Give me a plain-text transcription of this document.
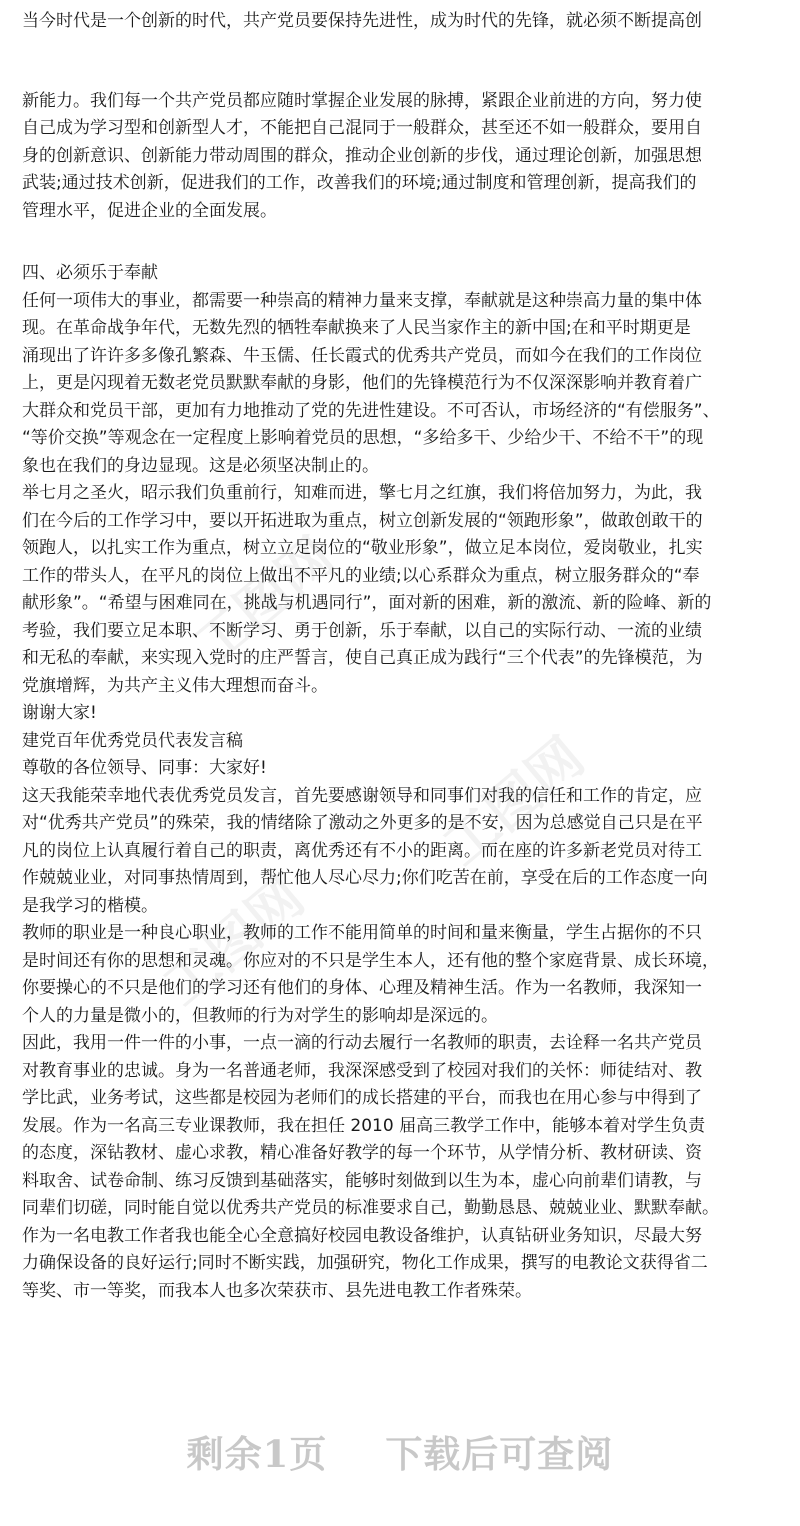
当今时代是一个创新的时代，共产党员要保持先进性，成为时代的先锋，就必须不断提高创
新能力。我们每一个共产党员都应随时掌握企业发展的脉搏，紧跟企业前进的方向，努力使
自己成为学习型和创新型人才，不能把自己混同于一般群众，甚至还不如一般群众，要用自
身的创新意识、创新能力带动周围的群众，推动企业创新的步伐，通过理论创新，加强思想
武装;通过技术创新，促进我们的工作，改善我们的环境;通过制度和管理创新，提高我们的
管理水平，促进企业的全面发展。
四、必须乐于奉献
任何一项伟大的事业，都需要一种崇高的精神力量来支撑，奉献就是这种崇高力量的集中体
现。在革命战争年代，无数先烈的牺牲奉献换来了人民当家作主的新中国;在和平时期更是
涌现出了许许多多像孔繁森、牛玉儒、任长霞式的优秀共产党员，而如今在我们的工作岗位
上，更是闪现着无数老党员默默奉献的身影，他们的先锋模范行为不仅深深影响并教育着广
大群众和党员干部，更加有力地推动了党的先进性建设。不可否认，市场经济的“有偿服务”、
“等价交换”等观念在一定程度上影响着党员的思想，“多给多干、少给少干、不给不干”的现
象也在我们的身边显现。这是必须坚决制止的。
举七月之圣火，昭示我们负重前行，知难而进，擎七月之红旗，我们将倍加努力，为此，我
们在今后的工作学习中，要以开拓进取为重点，树立创新发展的“领跑形象”，做敢创敢干的
领跑人，以扎实工作为重点，树立立足岗位的“敬业形象”，做立足本岗位，爱岗敬业，扎实
工作的带头人，在平凡的岗位上做出不平凡的业绩;以心系群众为重点，树立服务群众的“奉
献形象”。“希望与困难同在，挑战与机遇同行”，面对新的困难，新的激流、新的险峰、新的
考验，我们要立足本职、不断学习、勇于创新，乐于奉献，以自己的实际行动、一流的业绩
和无私的奉献，来实现入党时的庄严誓言，使自己真正成为践行“三个代表”的先锋模范，为
党旗增辉，为共产主义伟大理想而奋斗。
谢谢大家!
建党百年优秀党员代表发言稿
尊敬的各位领导、同事：大家好!
这天我能荣幸地代表优秀党员发言，首先要感谢领导和同事们对我的信任和工作的肯定，应
对“优秀共产党员”的殊荣，我的情绪除了激动之外更多的是不安，因为总感觉自己只是在平
凡的岗位上认真履行着自己的职责，离优秀还有不小的距离。而在座的许多新老党员对待工
作兢兢业业，对同事热情周到，帮忙他人尽心尽力;你们吃苦在前，享受在后的工作态度一向
是我学习的楷模。
教师的职业是一种良心职业，教师的工作不能用简单的时间和量来衡量，学生占据你的不只
是时间还有你的思想和灵魂。你应对的不只是学生本人，还有他的整个家庭背景、成长环境，
你要操心的不只是他们的学习还有他们的身体、心理及精神生活。作为一名教师，我深知一
个人的力量是微小的，但教师的行为对学生的影响却是深远的。
因此，我用一件一件的小事，一点一滴的行动去履行一名教师的职责，去诠释一名共产党员
对教育事业的忠诚。身为一名普通老师，我深深感受到了校园对我们的关怀：师徒结对、教
学比武，业务考试，这些都是校园为老师们的成长搭建的平台，而我也在用心参与中得到了
发展。作为一名高三专业课教师，我在担任 2010 届高三教学工作中，能够本着对学生负责
的态度，深钻教材、虚心求教，精心准备好教学的每一个环节，从学情分析、教材研读、资
料取舍、试卷命制、练习反馈到基础落实，能够时刻做到以生为本，虚心向前辈们请教，与
同辈们切磋，同时能自觉以优秀共产党员的标准要求自己，勤勤恳恳、兢兢业业、默默奉献。
作为一名电教工作者我也能全心全意搞好校园电教设备维护，认真钻研业务知识，尽最大努
力确保设备的良好运行;同时不断实践，加强研究，物化工作成果，撰写的电教论文获得省二
等奖、市一等奖，而我本人也多次荣获市、县先进电教工作者殊荣。
工图网
工图网
工图网
剩余1页 下载后可查阅
